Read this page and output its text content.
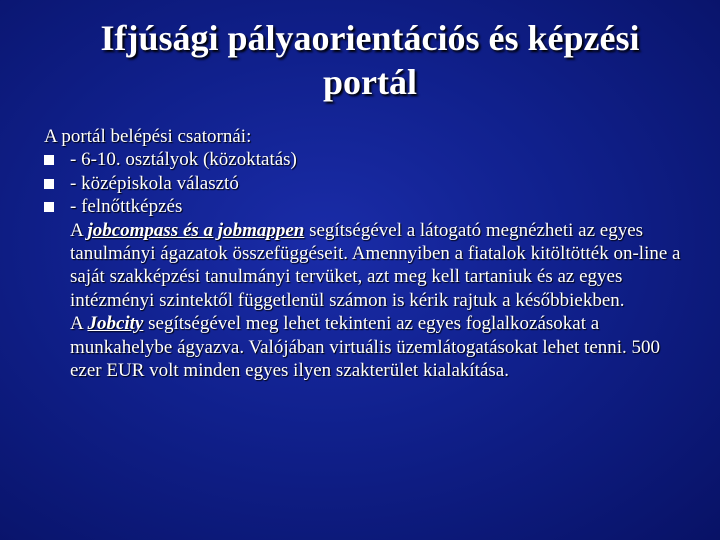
Ifjúsági pályaorientációs és képzési
portál

A portál belépési csatornái:

- 6-10. osztályok (közoktatás)
- középiskola választó
- felnőttképzés

A jobcompass és a jobmappen segítségével a látogató megnézheti az egyes tanulmányi ágazatok összefüggéseit. Amennyiben a fiatalok kitöltötték on-line a saját szakképzési tanulmányi tervüket, azt meg kell tartaniuk és az egyes intézményi szintektől függetlenül számon is kérik rajtuk a későbbiekben.

A Jobcity segítségével meg lehet tekinteni az egyes foglalkozásokat a munkahelybe ágyazva. Valójában virtuális üzemlátogatásokat lehet tenni. 500 ezer EUR volt minden egyes ilyen szakterület kialakítása.
